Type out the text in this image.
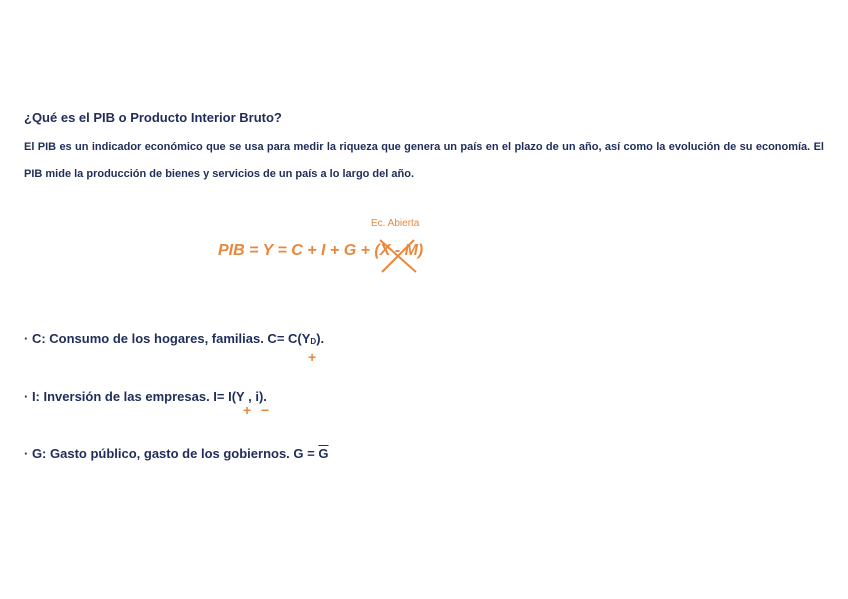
¿Qué es el PIB o Producto Interior Bruto?
El PIB es un indicador económico que se usa para medir la riqueza que genera un país en el plazo de un año, así como la evolución de su economía. El PIB mide la producción de bienes y servicios de un país a lo largo del año.
Ec. Abierta
PIB = Y = C + I + G + (X - M)
· C: Consumo de los hogares, familias. C= C(YD).
+
· I: Inversión de las empresas. I= I(Y , i).
+ −
· G: Gasto público, gasto de los gobiernos. $G = \overline{G}$
